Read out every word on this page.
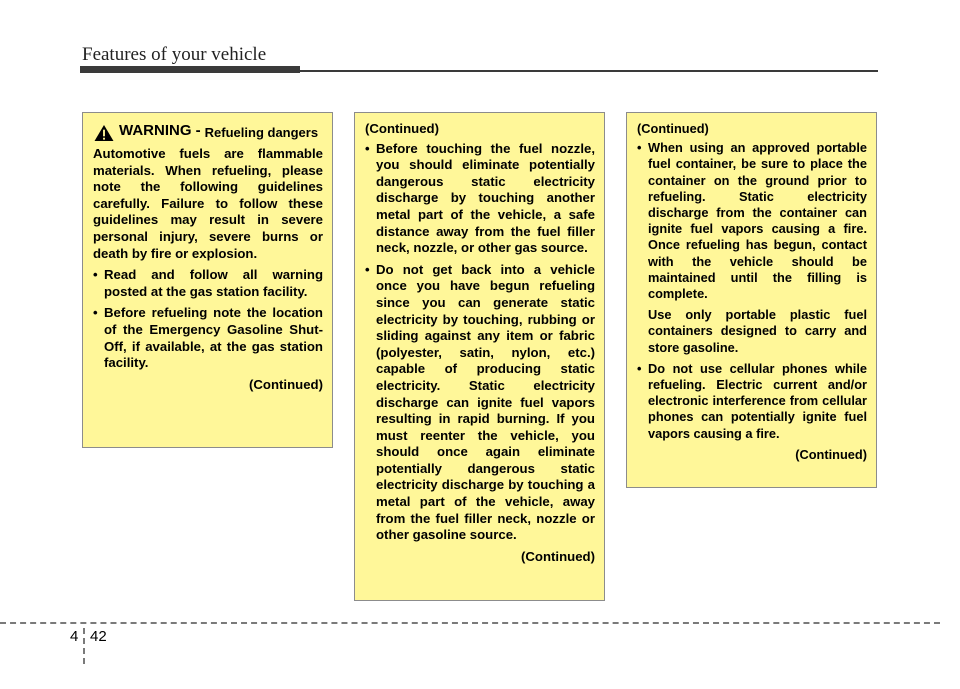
Features of your vehicle
WARNING - Refueling dangers

Automotive fuels are flammable materials. When refueling, please note the following guidelines carefully. Failure to follow these guidelines may result in severe personal injury, severe burns or death by fire or explosion.

• Read and follow all warning posted at the gas station facility.
• Before refueling note the location of the Emergency Gasoline Shut-Off, if available, at the gas station facility.
(Continued)
(Continued)
• Before touching the fuel nozzle, you should eliminate potentially dangerous static electricity discharge by touching another metal part of the vehicle, a safe distance away from the fuel filler neck, nozzle, or other gas source.
• Do not get back into a vehicle once you have begun refueling since you can generate static electricity by touching, rubbing or sliding against any item or fabric (polyester, satin, nylon, etc.) capable of producing static electricity. Static electricity discharge can ignite fuel vapors resulting in rapid burning. If you must reenter the vehicle, you should once again eliminate potentially dangerous static electricity discharge by touching a metal part of the vehicle, away from the fuel filler neck, nozzle or other gasoline source.
(Continued)
(Continued)
• When using an approved portable fuel container, be sure to place the container on the ground prior to refueling. Static electricity discharge from the container can ignite fuel vapors causing a fire. Once refueling has begun, contact with the vehicle should be maintained until the filling is complete.

Use only portable plastic fuel containers designed to carry and store gasoline.

• Do not use cellular phones while refueling. Electric current and/or electronic interference from cellular phones can potentially ignite fuel vapors causing a fire.
(Continued)
4 42
